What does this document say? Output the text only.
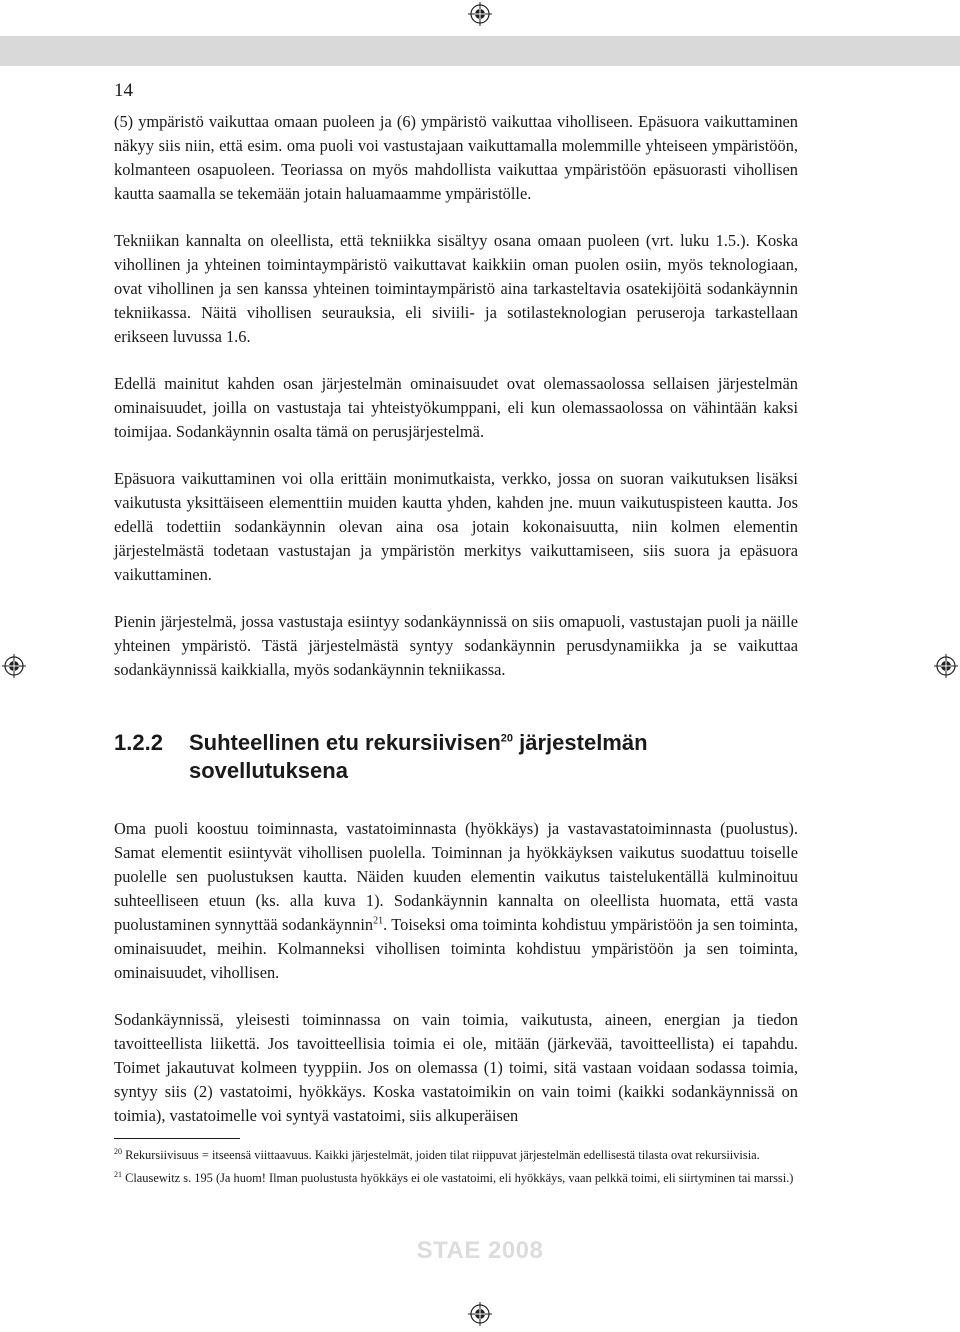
14

(5) ympäristö vaikuttaa omaan puoleen ja (6) ympäristö vaikuttaa viholliseen. Epäsuora vaikuttaminen näkyy siis niin, että esim. oma puoli voi vastustajaan vaikuttamalla molemmille yhteiseen ympäristöön, kolmanteen osapuoleen. Teoriassa on myös mahdollista vaikuttaa ympäristöön epäsuorasti vihollisen kautta saamalla se tekemään jotain haluamaamme ympäristölle.

Tekniikan kannalta on oleellista, että tekniikka sisältyy osana omaan puoleen (vrt. luku 1.5.). Koska vihollinen ja yhteinen toimintaympäristö vaikuttavat kaikkiin oman puolen osiin, myös teknologiaan, ovat vihollinen ja sen kanssa yhteinen toimintaympäristö aina tarkasteltavia osatekijöitä sodankäynnin tekniikassa. Näitä vihollisen seurauksia, eli siviili- ja sotilasteknologian peruseroja tarkastellaan erikseen luvussa 1.6.

Edellä mainitut kahden osan järjestelmän ominaisuudet ovat olemassaolossa sellaisen järjestelmän ominaisuudet, joilla on vastustaja tai yhteistyökumppani, eli kun olemassaolossa on vähintään kaksi toimijaa. Sodankäynnin osalta tämä on perusjärjestelmä.

Epäsuora vaikuttaminen voi olla erittäin monimutkaista, verkko, jossa on suoran vaikutuksen lisäksi vaikutusta yksittäiseen elementtiin muiden kautta yhden, kahden jne. muun vaikutuspisteen kautta. Jos edellä todettiin sodankäynnin olevan aina osa jotain kokonaisuutta, niin kolmen elementin järjestelmästä todetaan vastustajan ja ympäristön merkitys vaikuttamiseen, siis suora ja epäsuora vaikuttaminen.

Pienin järjestelmä, jossa vastustaja esiintyy sodankäynnissä on siis omapuoli, vastustajan puoli ja näille yhteinen ympäristö. Tästä järjestelmästä syntyy sodankäynnin perusdynamiikka ja se vaikuttaa sodankäynnissä kaikkialla, myös sodankäynnin tekniikassa.

1.2.2	Suhteellinen etu rekursiivisen$^{20}$ järjestelmän sovellutuksena

Oma puoli koostuu toiminnasta, vastatoiminnasta (hyökkäys) ja vastavastatoiminnasta (puolustus). Samat elementit esiintyvät vihollisen puolella. Toiminnan ja hyökkäyksen vaikutus suodattuu toiselle puolelle sen puolustuksen kautta. Näiden kuuden elementin vaikutus taistelukentällä kulminoituu suhteelliseen etuun (ks. alla kuva 1). Sodankäynnin kannalta on oleellista huomata, että vasta puolustaminen synnyttää sodankäynnin$^{21}$. Toiseksi oma toiminta kohdistuu ympäristöön ja sen toiminta, ominaisuudet, meihin. Kolmanneksi vihollisen toiminta kohdistuu ympäristöön ja sen toiminta, ominaisuudet, vihollisen.

Sodankäynnissä, yleisesti toiminnassa on vain toimia, vaikutusta, aineen, energian ja tiedon tavoitteellista liikettä. Jos tavoitteellisia toimia ei ole, mitään (järkevää, tavoitteellista) ei tapahdu. Toimet jakautuvat kolmeen tyyppiin. Jos on olemassa (1) toimi, sitä vastaan voidaan sodassa toimia, syntyy siis (2) vastatoimi, hyökkäys. Koska vastatoimikin on vain toimi (kaikki sodankäynnissä on toimia), vastatoimelle voi syntyä vastatoimi, siis alkuperäisen

$^{20}$ Rekursiivisuus = itseensä viittaavuus. Kaikki järjestelmät, joiden tilat riippuvat järjestelmän edellisestä tilasta ovat rekursiivisia.

$^{21}$ Clausewitz s. 195 (Ja huom! Ilman puolustusta hyökkäys ei ole vastatoimi, eli hyökkäys, vaan pelkkä toimi, eli siirtyminen tai marssi.)

STAE 2008
